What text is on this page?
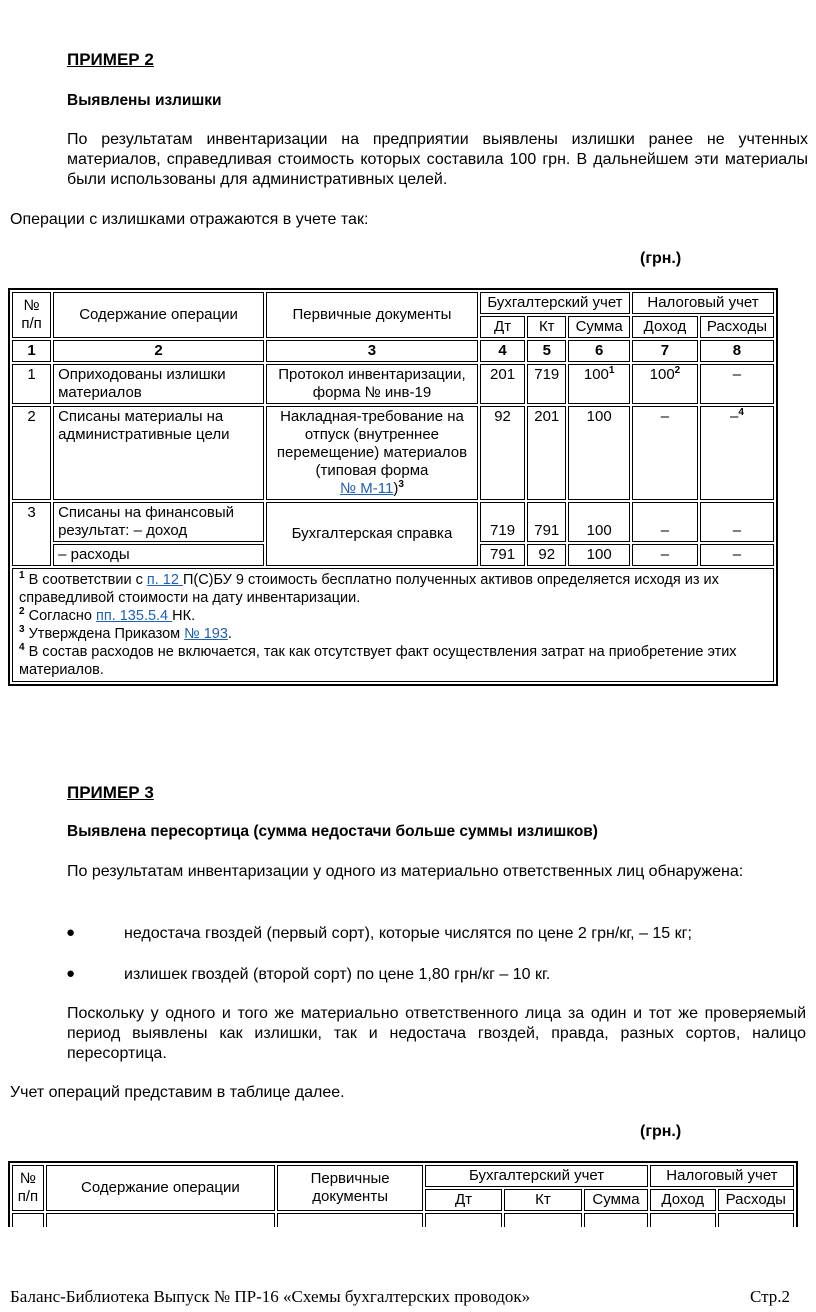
ПРИМЕР 2
Выявлены излишки
По результатам инвентаризации на предприятии выявлены излишки ранее не учтенных материалов, справедливая стоимость которых составила 100 грн. В дальнейшем эти материалы были использованы для административных целей.
Операции с излишками отражаются в учете так:
(грн.)
№ п/п	Содержание операции	Первичные документы	Бухгалтерский учет			Налоговый учет	
			Дт	Кт	Сумма	Доход	Расходы
1	2	3	4	5	6	7	8
1	Оприходованы излишки материалов	Протокол инвентаризации, форма № инв-19	201	719	$100^1$	$100^2$	–
2	Списаны материалы на административные цели	Накладная-требование на отпуск (внутреннее перемещение) материалов (типовая форма
№ М-11)$^3$	92	201	100	–	–$^4$
3	Списаны на финансовый результат: – доход	Бухгалтерская справка	719	791	100	–	–
	– расходы		791	92	100	–	–

$^1$ В соответствии с п. 12 П(С)БУ 9 стоимость бесплатно полученных активов определяется исходя из их справедливой стоимости на дату инвентаризации.
$^2$ Согласно пп. 135.5.4 НК.
$^3$ Утверждена Приказом № 193.
$^4$ В состав расходов не включается, так как отсутствует факт осуществления затрат на приобретение этих материалов.							
ПРИМЕР 3
Выявлена пересортица (сумма недостачи больше суммы излишков)
По результатам инвентаризации у одного из материально ответственных лиц обнаружена:
●	недостача гвоздей (первый сорт), которые числятся по цене 2 грн/кг, – 15 кг;
●	излишек гвоздей (второй сорт) по цене 1,80 грн/кг – 10 кг.
Поскольку у одного и того же материально ответственного лица за один и тот же проверяемый период выявлены как излишки, так и недостача гвоздей, правда, разных сортов, налицо пересортица.
Учет операций представим в таблице далее.
(грн.)
№ п/п	Содержание операции	Первичные документы	Бухгалтерский учет			Налоговый учет	
			Дт	Кт	Сумма	Доход	Расходы

Баланс-Библиотека Выпуск № ПР-16 «Схемы бухгалтерских проводок»	Стр.2
